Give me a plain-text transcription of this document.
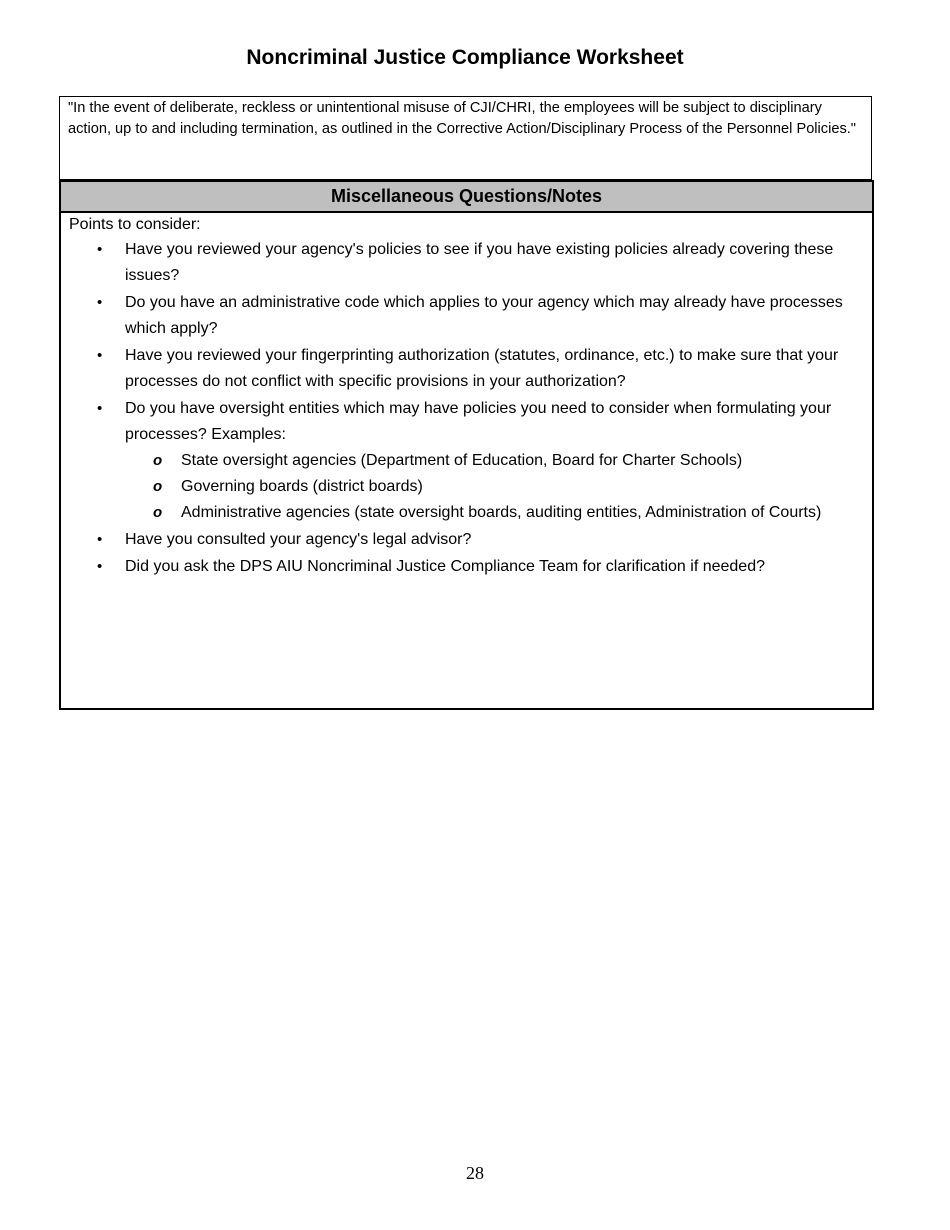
Noncriminal Justice Compliance Worksheet
"In the event of deliberate, reckless or unintentional misuse of CJI/CHRI, the employees will be subject to disciplinary action, up to and including termination, as outlined in the Corrective Action/Disciplinary Process of the Personnel Policies."
Miscellaneous Questions/Notes
Points to consider:
• Have you reviewed your agency's policies to see if you have existing policies already covering these issues?
• Do you have an administrative code which applies to your agency which may already have processes which apply?
• Have you reviewed your fingerprinting authorization (statutes, ordinance, etc.) to make sure that your processes do not conflict with specific provisions in your authorization?
• Do you have oversight entities which may have policies you need to consider when formulating your processes? Examples:
o State oversight agencies (Department of Education, Board for Charter Schools)
o Governing boards (district boards)
o Administrative agencies (state oversight boards, auditing entities, Administration of Courts)
• Have you consulted your agency's legal advisor?
• Did you ask the DPS AIU Noncriminal Justice Compliance Team for clarification if needed?
28
